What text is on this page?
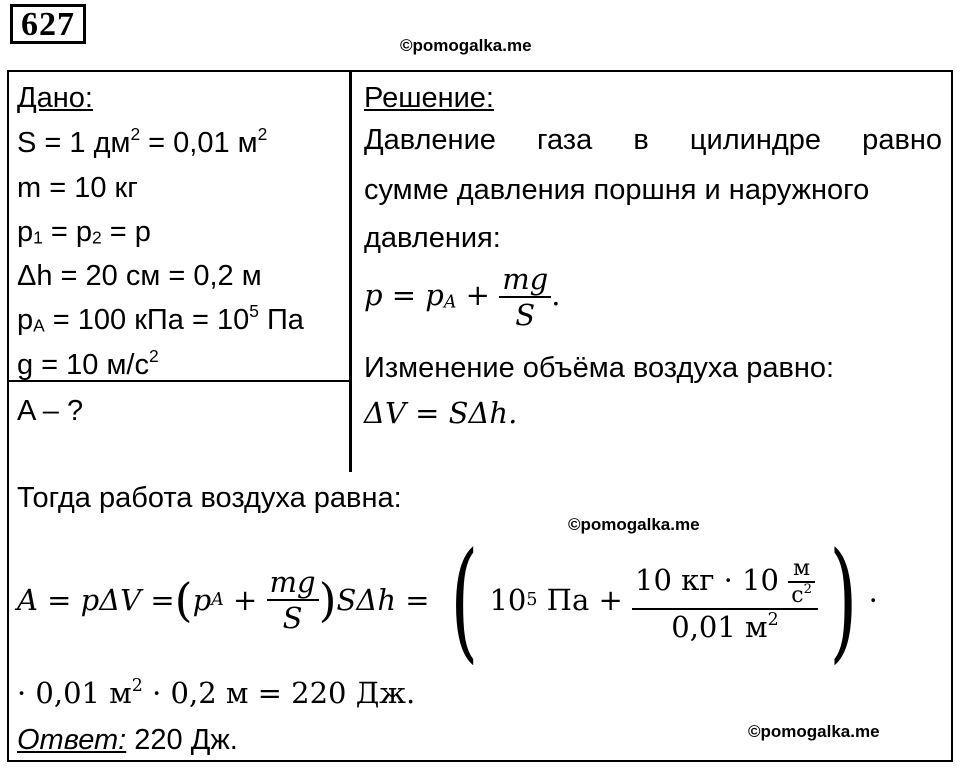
627
©pomogalka.me
Дано:
S = 1 $дм^2 = 0,01$ $м^2$
m = 10 кг
$p_1 = p_2 = p$
Δh = 20 см = 0,2 м
$p_A = 100$ кПа = $10^5$ Па
g = 10 $м/с^2$
A – ?
Решение:
Давление газа в цилиндре равно
сумме давления поршня и наружного
давления:
$p = p_A + \frac{mg}{S}$ .
Изменение объёма воздуха равно:
ΔV = SΔh.
Тогда работа воздуха равна:
©pomogalka.me
A = pΔV = ( p $A + \frac{mg}{S}$ ) SΔh = ( 10 5 Па + $\frac{10 кг \cdot 10 \frac{м}{с^2}}{0,01 м^2}$ ) ·
· 0,01 $м^2 \cdot 0,2$ м = 220 Дж.
Ответ: 220 Дж.	©pomogalka.me
